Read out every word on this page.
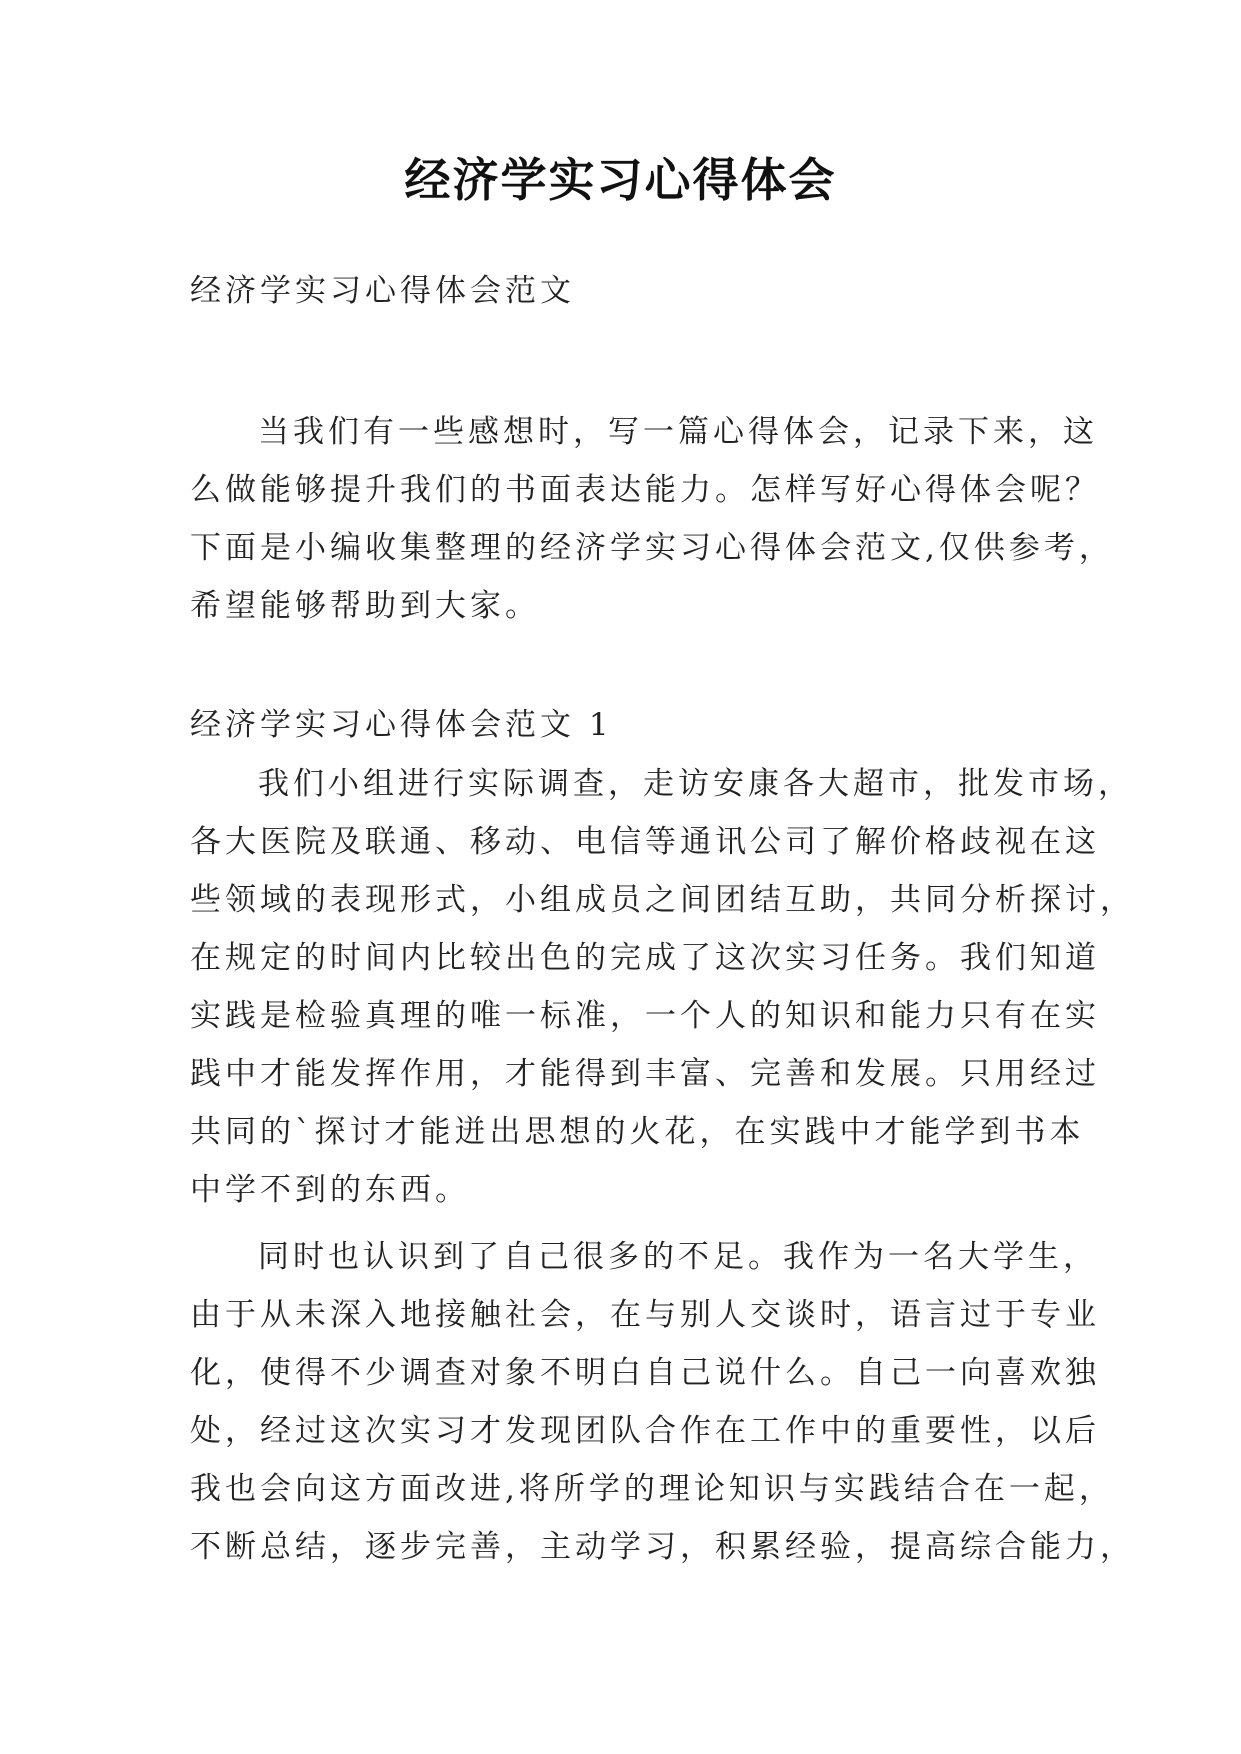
经济学实习心得体会
经济学实习心得体会范文
当我们有一些感想时，写一篇心得体会，记录下来，这
么做能够提升我们的书面表达能力。怎样写好心得体会呢？
下面是小编收集整理的经济学实习心得体会范文,仅供参考，
希望能够帮助到大家。
经济学实习心得体会范文 1
我们小组进行实际调查，走访安康各大超市，批发市场，
各大医院及联通、移动、电信等通讯公司了解价格歧视在这
些领域的表现形式，小组成员之间团结互助，共同分析探讨，
在规定的时间内比较出色的完成了这次实习任务。我们知道
实践是检验真理的唯一标准，一个人的知识和能力只有在实
践中才能发挥作用，才能得到丰富、完善和发展。只用经过
共同的`探讨才能迸出思想的火花，在实践中才能学到书本
中学不到的东西。
同时也认识到了自己很多的不足。我作为一名大学生，
由于从未深入地接触社会，在与别人交谈时，语言过于专业
化，使得不少调查对象不明白自己说什么。自己一向喜欢独
处，经过这次实习才发现团队合作在工作中的重要性，以后
我也会向这方面改进,将所学的理论知识与实践结合在一起，
不断总结，逐步完善，主动学习，积累经验，提高综合能力，
